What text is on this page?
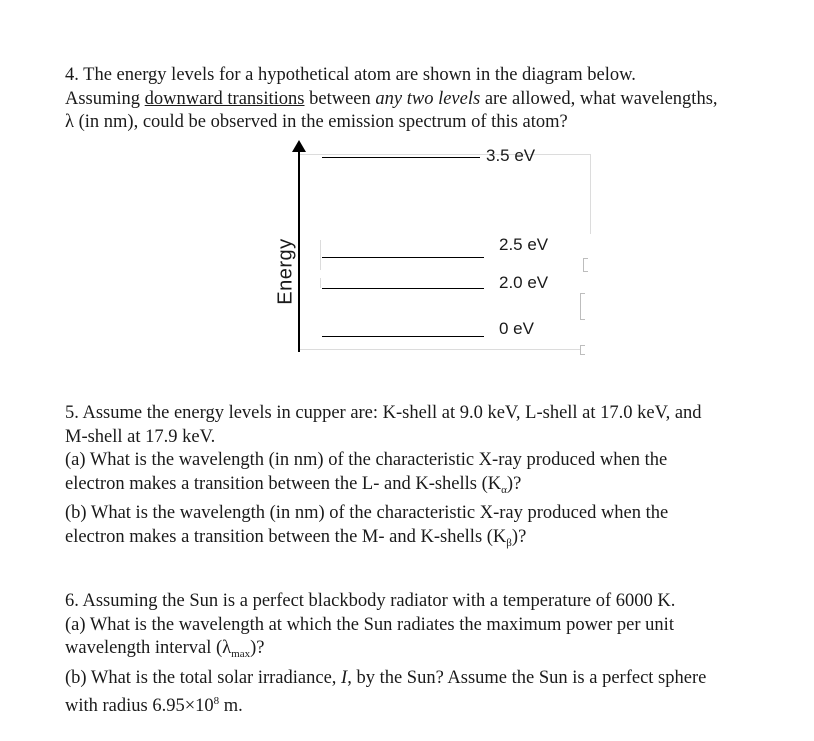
4. The energy levels for a hypothetical atom are shown in the diagram below.
Assuming downward transitions between any two levels are allowed, what wavelengths,
λ (in nm), could be observed in the emission spectrum of this atom?
Energy
3.5 eV
2.5 eV
2.0 eV
0 eV
5. Assume the energy levels in cupper are: K-shell at 9.0 keV, L-shell at 17.0 keV, and
M-shell at 17.9 keV.
(a) What is the wavelength (in nm) of the characteristic X-ray produced when the
electron makes a transition between the L- and K-shells $(K_\alpha)$?
(b) What is the wavelength (in nm) of the characteristic X-ray produced when the
electron makes a transition between the M- and K-shells $(K_\beta)$?
6. Assuming the Sun is a perfect blackbody radiator with a temperature of 6000 K.
(a) What is the wavelength at which the Sun radiates the maximum power per unit
wavelength interval $(\lambda_{max})$?
(b) What is the total solar irradiance, I, by the Sun? Assume the Sun is a perfect sphere
with radius $6.95\times 10^8$ m.
